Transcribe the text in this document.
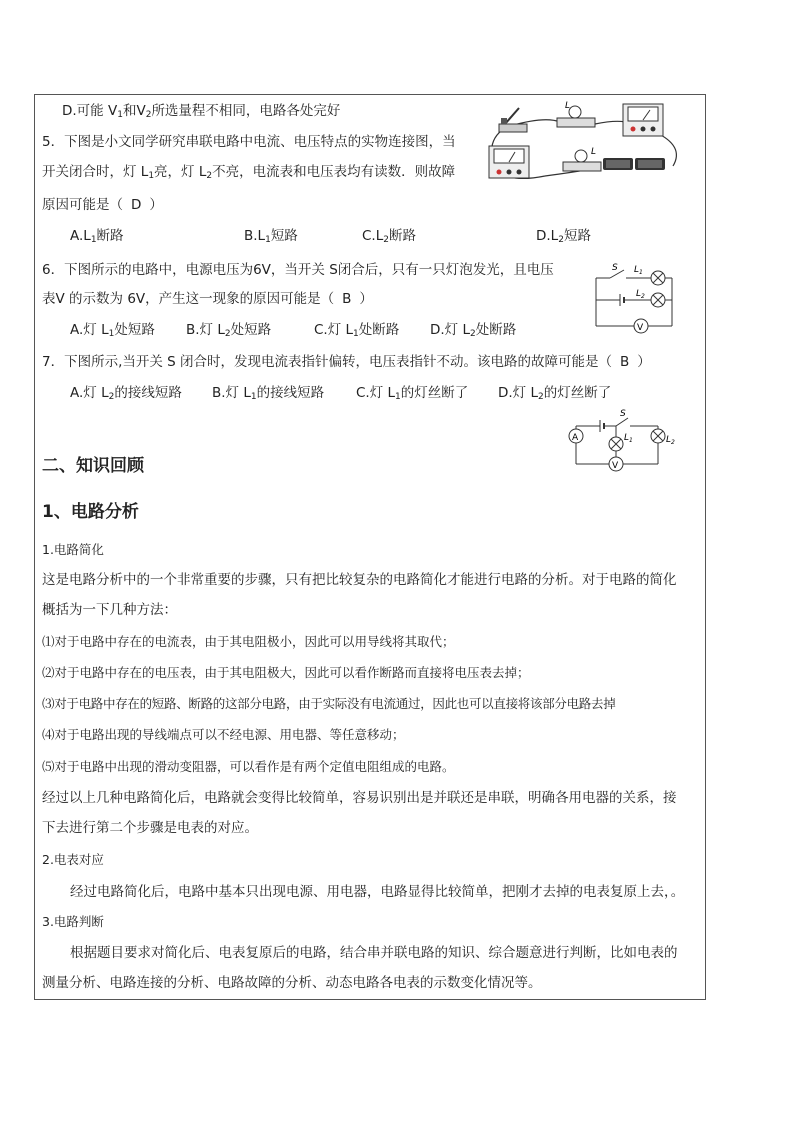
D.可能 $V_1$和$V_2$所选量程不相同，电路各处完好
5．下图是小文同学研究串联电路中电流、电压特点的实物连接图，当
开关闭合时，灯 $L_1$亮，灯 $L_2$不亮，电流表和电压表均有读数．则故障
原因可能是（ D ）
$A.L_1$断路	$B.L_1$短路	$C.L_2$断路	$D.L_2$短路
L
L
6．下图所示的电路中，电源电压为6V，当开关 S闭合后，只有一只灯泡发光，且电压
表V 的示数为 6V，产生这一现象的原因可能是（ B ）
A.灯 $L_1$处短路 B.灯 $L_2$处短路	C.灯 $L_1$处断路 D.灯 $L_2$处断路
S $L_1$
$L_2$
V
7．下图所示,当开关 S 闭合时，发现电流表指针偏转，电压表指针不动。该电路的故障可能是（ B ）
A.灯 $L_2$的接线短路 B.灯 $L_1$的接线短路 C.灯 $L_1$的灯丝断了 D.灯 $L_2$的灯丝断了
S
A	$L_1$	$L_2$
V
二、知识回顾
1、电路分析
1.电路简化
这是电路分析中的一个非常重要的步骤，只有把比较复杂的电路简化才能进行电路的分析。对于电路的简化
概括为一下几种方法：
⑴对于电路中存在的电流表，由于其电阻极小，因此可以用导线将其取代；
⑵对于电路中存在的电压表，由于其电阻极大，因此可以看作断路而直接将电压表去掉；
⑶对于电路中存在的短路、断路的这部分电路，由于实际没有电流通过，因此也可以直接将该部分电路去掉
⑷对于电路出现的导线端点可以不经电源、用电器、等任意移动；
⑸对于电路中出现的滑动变阻器，可以看作是有两个定值电阻组成的电路。
经过以上几种电路简化后，电路就会变得比较简单，容易识别出是并联还是串联，明确各用电器的关系，接
下去进行第二个步骤是电表的对应。
2.电表对应
经过电路简化后，电路中基本只出现电源、用电器，电路显得比较简单，把刚才去掉的电表复原上去，。
3.电路判断
根据题目要求对简化后、电表复原后的电路，结合串并联电路的知识、综合题意进行判断，比如电表的
测量分析、电路连接的分析、电路故障的分析、动态电路各电表的示数变化情况等。
